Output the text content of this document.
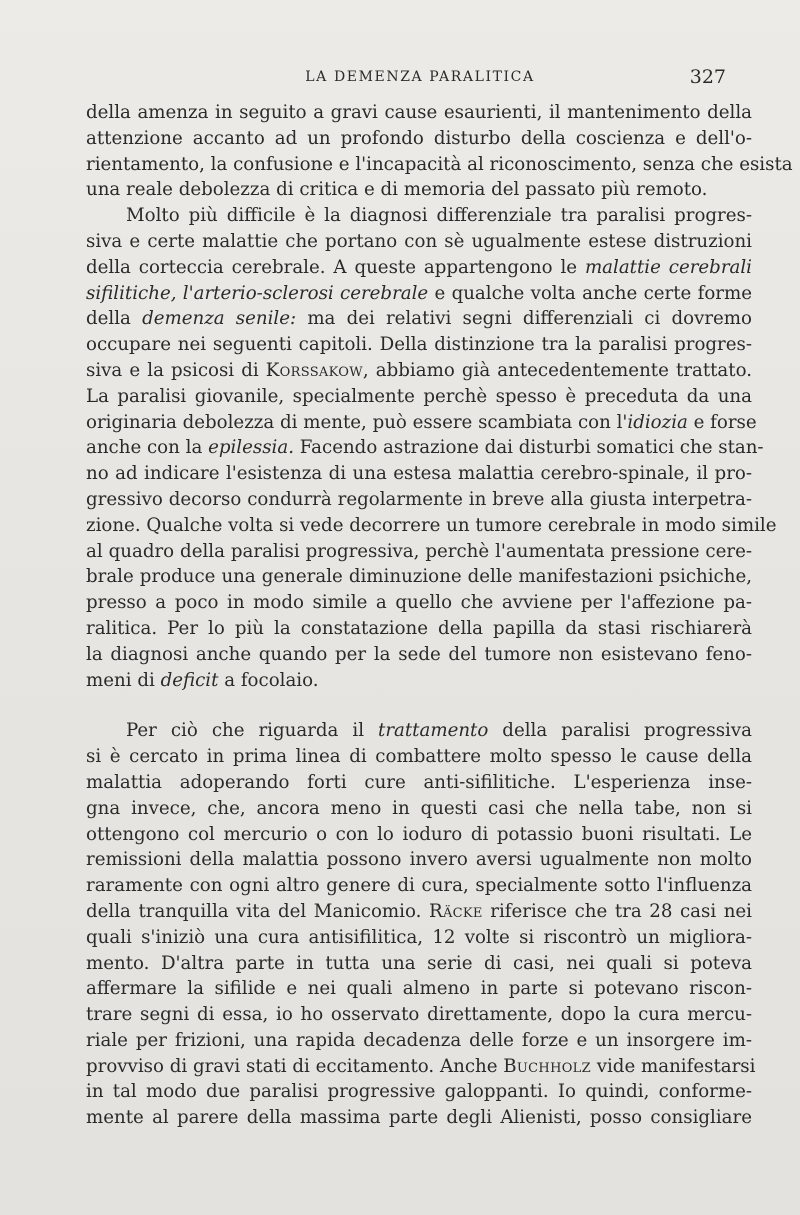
LA DEMENZA PARALITICA	327
della amenza in seguito a gravi cause esaurienti, il mantenimento della
attenzione accanto ad un profondo disturbo della coscienza e dell'o-
rientamento, la confusione e l'incapacità al riconoscimento, senza che esista
una reale debolezza di critica e di memoria del passato più remoto.
Molto più difficile è la diagnosi differenziale tra paralisi progres-
siva e certe malattie che portano con sè ugualmente estese distruzioni
della corteccia cerebrale. A queste appartengono le malattie cerebrali
sifilitiche, l'arterio-sclerosi cerebrale e qualche volta anche certe forme
della demenza senile: ma dei relativi segni differenziali ci dovremo
occupare nei seguenti capitoli. Della distinzione tra la paralisi progres-
siva e la psicosi di Korssakow, abbiamo già antecedentemente trattato.
La paralisi giovanile, specialmente perchè spesso è preceduta da una
originaria debolezza di mente, può essere scambiata con l'idiozia e forse
anche con la epilessia. Facendo astrazione dai disturbi somatici che stan-
no ad indicare l'esistenza di una estesa malattia cerebro-spinale, il pro-
gressivo decorso condurrà regolarmente in breve alla giusta interpetra-
zione. Qualche volta si vede decorrere un tumore cerebrale in modo simile
al quadro della paralisi progressiva, perchè l'aumentata pressione cere-
brale produce una generale diminuzione delle manifestazioni psichiche,
presso a poco in modo simile a quello che avviene per l'affezione pa-
ralitica. Per lo più la constatazione della papilla da stasi rischiarerà
la diagnosi anche quando per la sede del tumore non esistevano feno-
meni di deficit a focolaio.
Per ciò che riguarda il trattamento della paralisi progressiva
si è cercato in prima linea di combattere molto spesso le cause della
malattia adoperando forti cure anti-sifilitiche. L'esperienza inse-
gna invece, che, ancora meno in questi casi che nella tabe, non si
ottengono col mercurio o con lo ioduro di potassio buoni risultati. Le
remissioni della malattia possono invero aversi ugualmente non molto
raramente con ogni altro genere di cura, specialmente sotto l'influenza
della tranquilla vita del Manicomio. Räcke riferisce che tra 28 casi nei
quali s'iniziò una cura antisifilitica, 12 volte si riscontrò un migliora-
mento. D'altra parte in tutta una serie di casi, nei quali si poteva
affermare la sifilide e nei quali almeno in parte si potevano riscon-
trare segni di essa, io ho osservato direttamente, dopo la cura mercu-
riale per frizioni, una rapida decadenza delle forze e un insorgere im-
provviso di gravi stati di eccitamento. Anche Buchholz vide manifestarsi
in tal modo due paralisi progressive galoppanti. Io quindi, conforme-
mente al parere della massima parte degli Alienisti, posso consigliare
